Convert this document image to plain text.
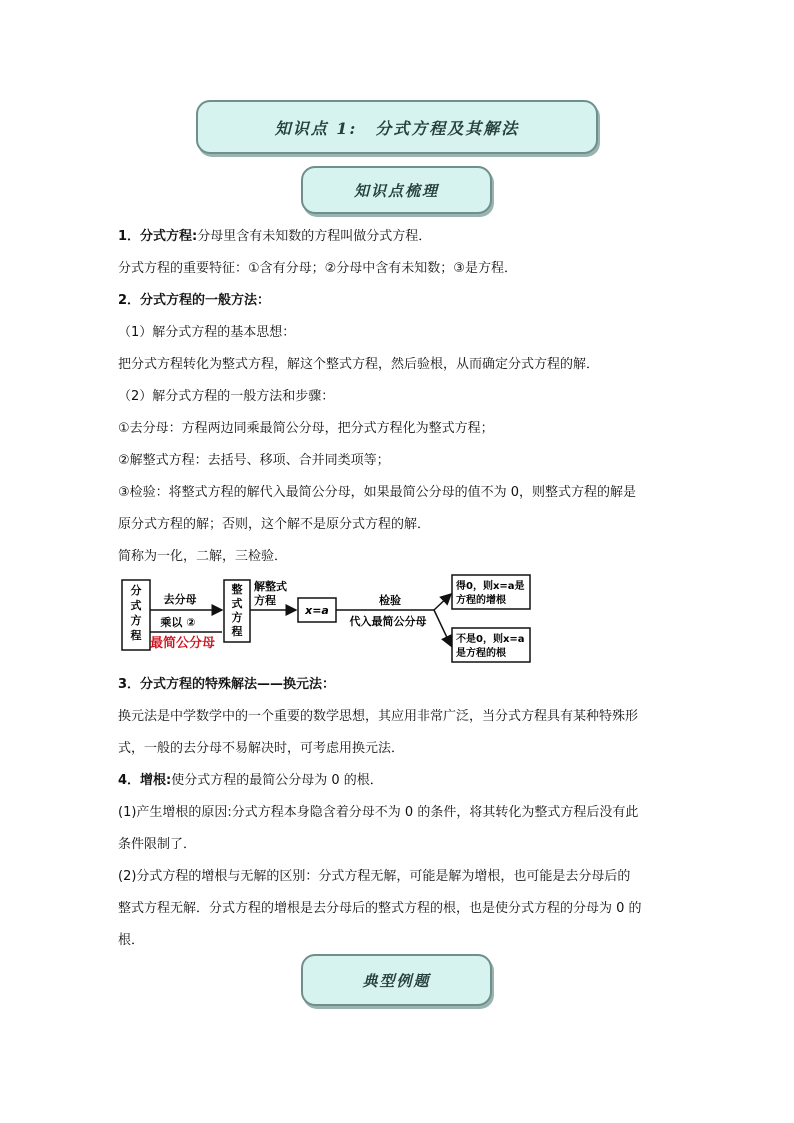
知识点 1:　分式方程及其解法
知识点梳理
1．分式方程:分母里含有未知数的方程叫做分式方程．
分式方程的重要特征：①含有分母；②分母中含有未知数；③是方程．
2．分式方程的一般方法：
（1）解分式方程的基本思想：
把分式方程转化为整式方程，解这个整式方程，然后验根，从而确定分式方程的解．
（2）解分式方程的一般方法和步骤：
①去分母：方程两边同乘最简公分母，把分式方程化为整式方程；
②解整式方程：去括号、移项、合并同类项等；
③检验：将整式方程的解代入最简公分母，如果最简公分母的值不为 0，则整式方程的解是
原分式方程的解；否则，这个解不是原分式方程的解．
简称为一化，二解，三检验．
分
式
方
程
去分母
乘以 ②
最简公分母
整
式
方
程
解整式
方程
x=a
检验
代入最简公分母
得0，则x=a是
方程的增根
不是0，则x=a
是方程的根
3．分式方程的特殊解法——换元法：
换元法是中学数学中的一个重要的数学思想，其应用非常广泛，当分式方程具有某种特殊形
式，一般的去分母不易解决时，可考虑用换元法．
4．增根:使分式方程的最简公分母为 0 的根．
(1)产生增根的原因:分式方程本身隐含着分母不为 0 的条件，将其转化为整式方程后没有此
条件限制了．
(2)分式方程的增根与无解的区别：分式方程无解，可能是解为增根，也可能是去分母后的
整式方程无解．分式方程的增根是去分母后的整式方程的根，也是使分式方程的分母为 0 的
根．
典型例题
